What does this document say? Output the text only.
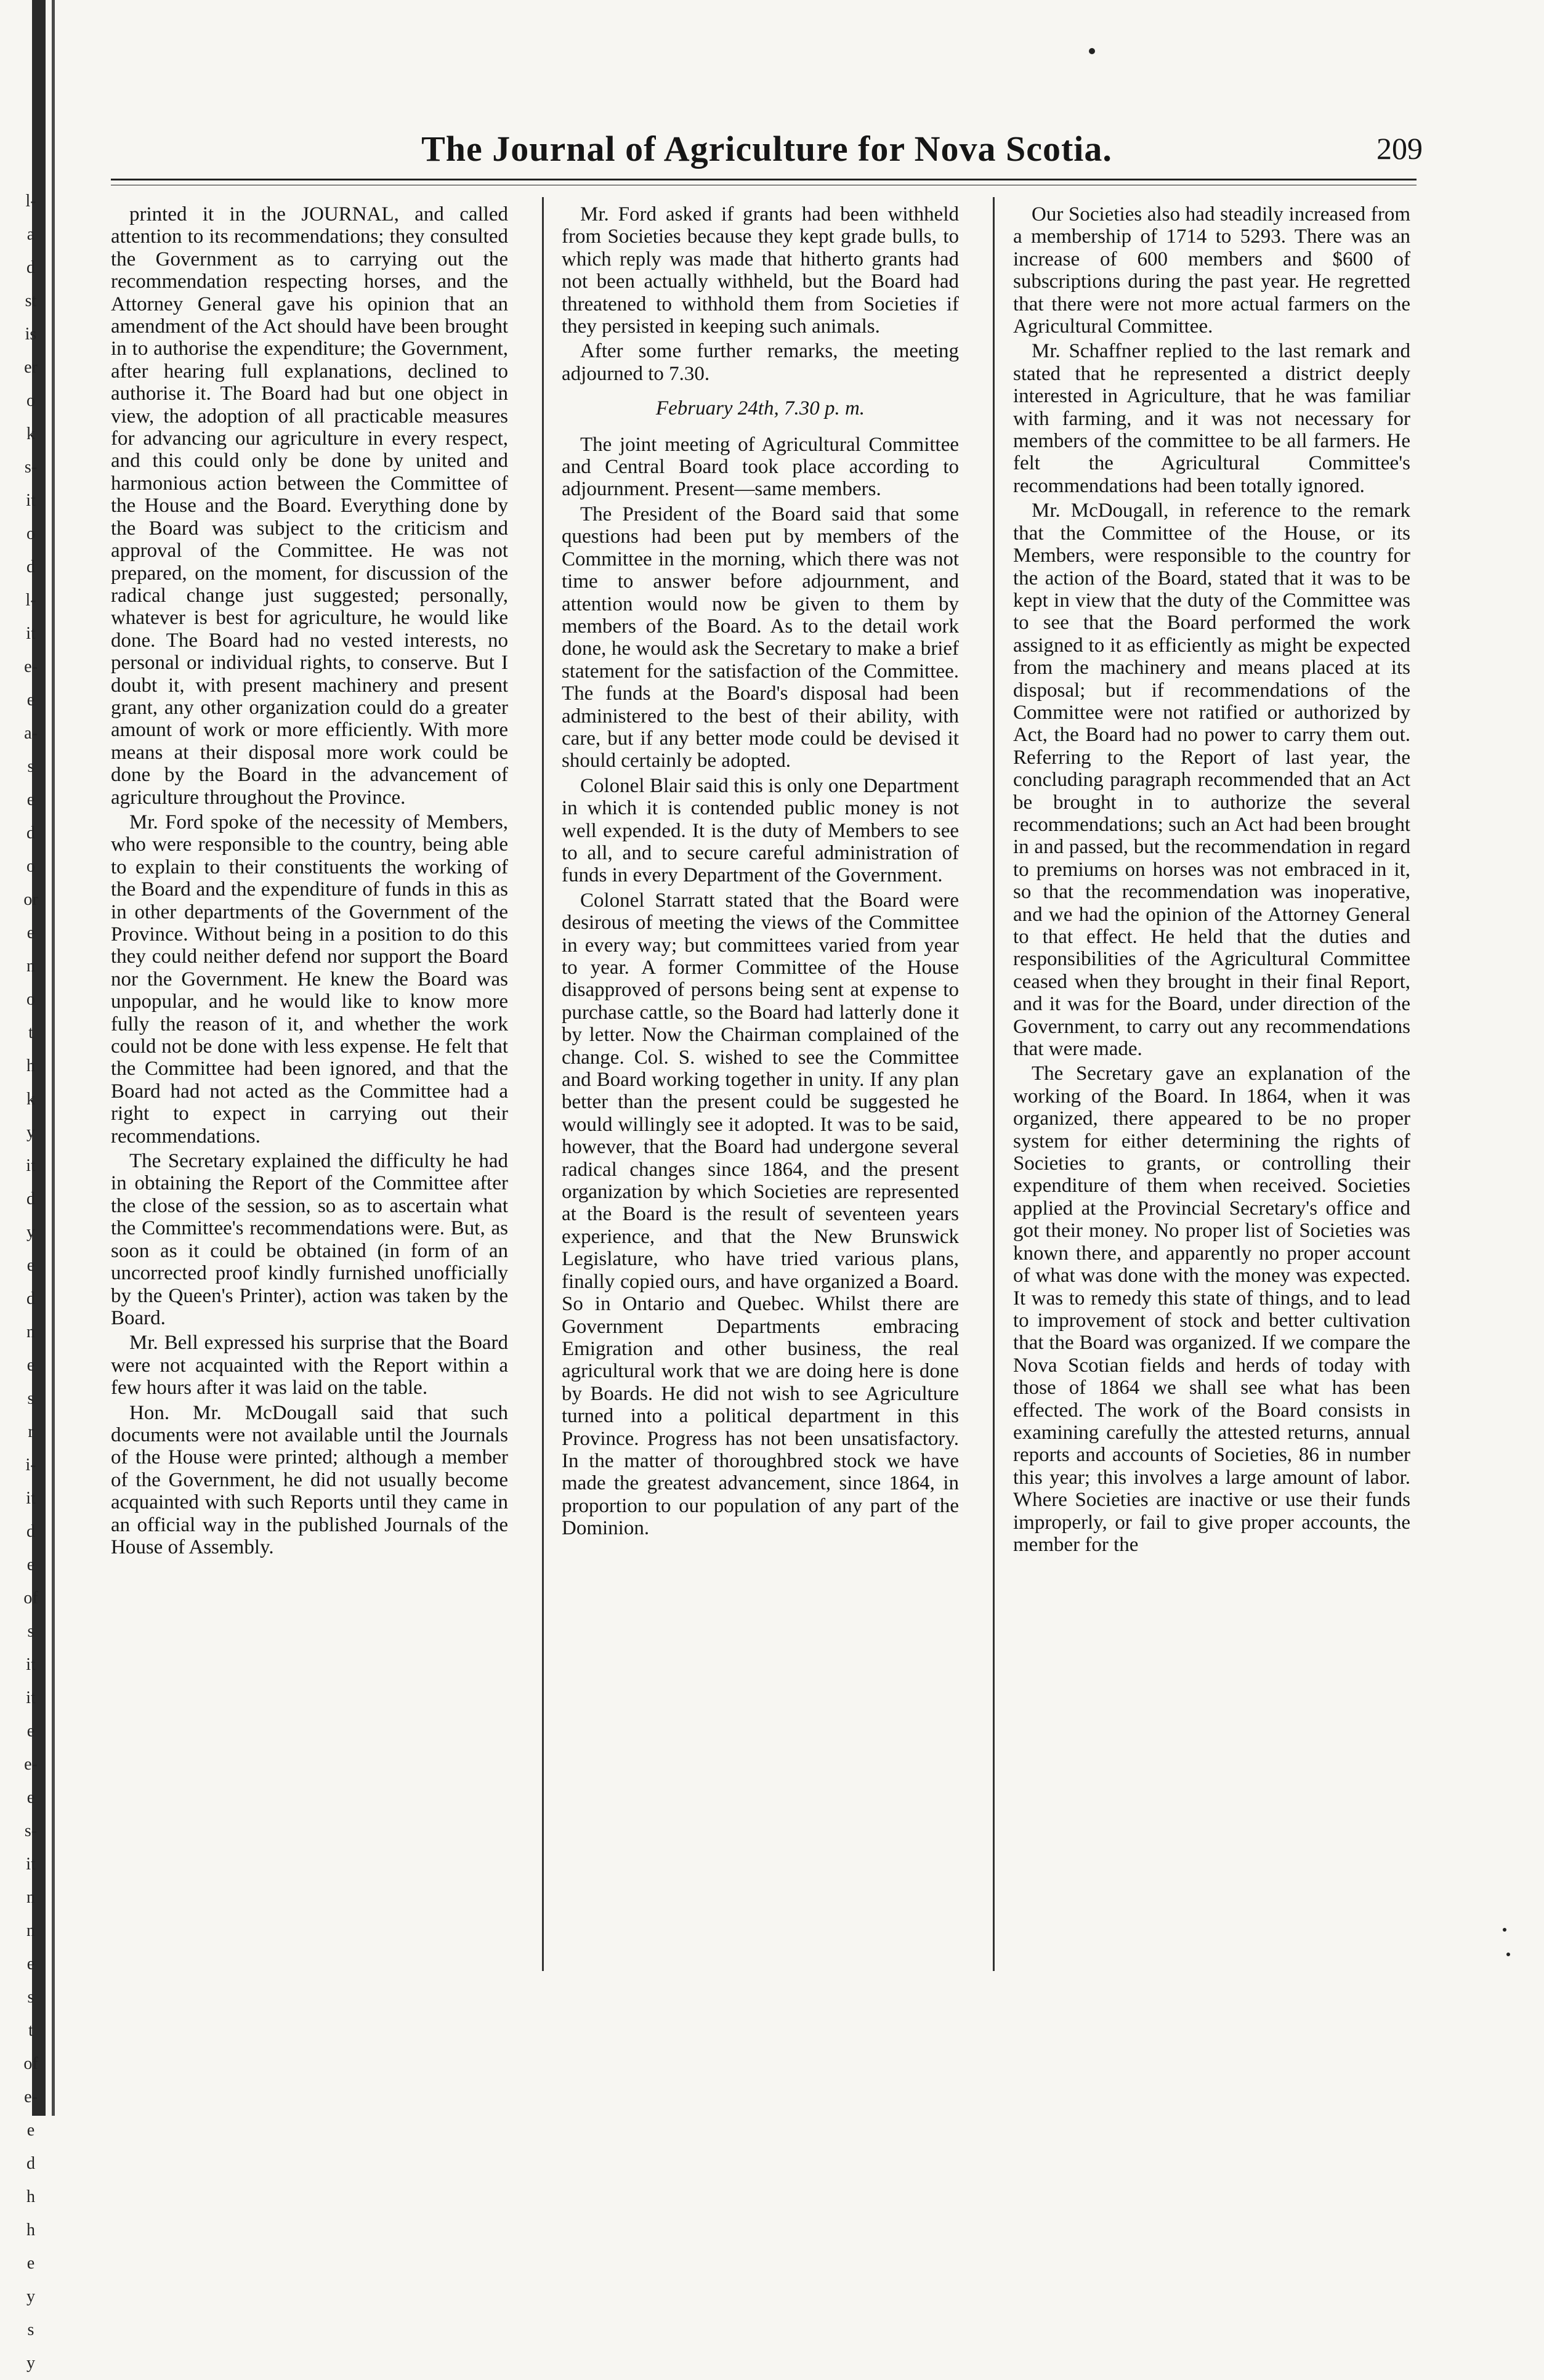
l-
a
d
st
is
er
o
k
s-
it
o
d
l-
it
e-
e
a-
s
e
d
o
or
e
n
o
t
h
k
y
it
d
y
e
d
n
e
s
r
i-
it
d
e
of
s
it
it
e
e-
e
s-
it
n
n
e
s
t
of
e-
e
d
h
h
e
y
s
y
The Journal of Agriculture for Nova Scotia.	209

printed it in the JOURNAL, and called attention to its recommendations; they consulted the Government as to carrying out the recommendation respecting horses, and the Attorney General gave his opinion that an amendment of the Act should have been brought in to authorise the expenditure; the Government, after hearing full explanations, declined to authorise it. The Board had but one object in view, the adoption of all practicable measures for advancing our agriculture in every respect, and this could only be done by united and harmonious action between the Committee of the House and the Board. Everything done by the Board was subject to the criticism and approval of the Committee. He was not prepared, on the moment, for discussion of the radical change just suggested; personally, whatever is best for agriculture, he would like done. The Board had no vested interests, no personal or individual rights, to conserve. But I doubt it, with present machinery and present grant, any other organization could do a greater amount of work or more efficiently. With more means at their disposal more work could be done by the Board in the advancement of agriculture throughout the Province.

Mr. Ford spoke of the necessity of Members, who were responsible to the country, being able to explain to their constituents the working of the Board and the expenditure of funds in this as in other departments of the Government of the Province. Without being in a position to do this they could neither defend nor support the Board nor the Government. He knew the Board was unpopular, and he would like to know more fully the reason of it, and whether the work could not be done with less expense. He felt that the Committee had been ignored, and that the Board had not acted as the Committee had a right to expect in carrying out their recommendations.

The Secretary explained the difficulty he had in obtaining the Report of the Committee after the close of the session, so as to ascertain what the Committee's recommendations were. But, as soon as it could be obtained (in form of an uncorrected proof kindly furnished unofficially by the Queen's Printer), action was taken by the Board.

Mr. Bell expressed his surprise that the Board were not acquainted with the Report within a few hours after it was laid on the table.

Hon. Mr. McDougall said that such documents were not available until the Journals of the House were printed; although a member of the Government, he did not usually become acquainted with such Reports until they came in an official way in the published Journals of the House of Assembly.

Mr. Ford asked if grants had been withheld from Societies because they kept grade bulls, to which reply was made that hitherto grants had not been actually withheld, but the Board had threatened to withhold them from Societies if they persisted in keeping such animals.

After some further remarks, the meeting adjourned to 7.30.

February 24th, 7.30 p. m.

The joint meeting of Agricultural Committee and Central Board took place according to adjournment. Present—same members.

The President of the Board said that some questions had been put by members of the Committee in the morning, which there was not time to answer before adjournment, and attention would now be given to them by members of the Board. As to the detail work done, he would ask the Secretary to make a brief statement for the satisfaction of the Committee. The funds at the Board's disposal had been administered to the best of their ability, with care, but if any better mode could be devised it should certainly be adopted.

Colonel Blair said this is only one Department in which it is contended public money is not well expended. It is the duty of Members to see to all, and to secure careful administration of funds in every Department of the Government.

Colonel Starratt stated that the Board were desirous of meeting the views of the Committee in every way; but committees varied from year to year. A former Committee of the House disapproved of persons being sent at expense to purchase cattle, so the Board had latterly done it by letter. Now the Chairman complained of the change. Col. S. wished to see the Committee and Board working together in unity. If any plan better than the present could be suggested he would willingly see it adopted. It was to be said, however, that the Board had undergone several radical changes since 1864, and the present organization by which Societies are represented at the Board is the result of seventeen years experience, and that the New Brunswick Legislature, who have tried various plans, finally copied ours, and have organized a Board. So in Ontario and Quebec. Whilst there are Government Departments embracing Emigration and other business, the real agricultural work that we are doing here is done by Boards. He did not wish to see Agriculture turned into a political department in this Province. Progress has not been unsatisfactory. In the matter of thoroughbred stock we have made the greatest advancement, since 1864, in proportion to our population of any part of the Dominion.

Our Societies also had steadily increased from a membership of 1714 to 5293. There was an increase of 600 members and $600 of subscriptions during the past year. He regretted that there were not more actual farmers on the Agricultural Committee.

Mr. Schaffner replied to the last remark and stated that he represented a district deeply interested in Agriculture, that he was familiar with farming, and it was not necessary for members of the committee to be all farmers. He felt the Agricultural Committee's recommendations had been totally ignored.

Mr. McDougall, in reference to the remark that the Committee of the House, or its Members, were responsible to the country for the action of the Board, stated that it was to be kept in view that the duty of the Committee was to see that the Board performed the work assigned to it as efficiently as might be expected from the machinery and means placed at its disposal; but if recommendations of the Committee were not ratified or authorized by Act, the Board had no power to carry them out. Referring to the Report of last year, the concluding paragraph recommended that an Act be brought in to authorize the several recommendations; such an Act had been brought in and passed, but the recommendation in regard to premiums on horses was not embraced in it, so that the recommendation was inoperative, and we had the opinion of the Attorney General to that effect. He held that the duties and responsibilities of the Agricultural Committee ceased when they brought in their final Report, and it was for the Board, under direction of the Government, to carry out any recommendations that were made.

The Secretary gave an explanation of the working of the Board. In 1864, when it was organized, there appeared to be no proper system for either determining the rights of Societies to grants, or controlling their expenditure of them when received. Societies applied at the Provincial Secretary's office and got their money. No proper list of Societies was known there, and apparently no proper account of what was done with the money was expected. It was to remedy this state of things, and to lead to improvement of stock and better cultivation that the Board was organized. If we compare the Nova Scotian fields and herds of today with those of 1864 we shall see what has been effected. The work of the Board consists in examining carefully the attested returns, annual reports and accounts of Societies, 86 in number this year; this involves a large amount of labor. Where Societies are inactive or use their funds improperly, or fail to give proper accounts, the member for the
